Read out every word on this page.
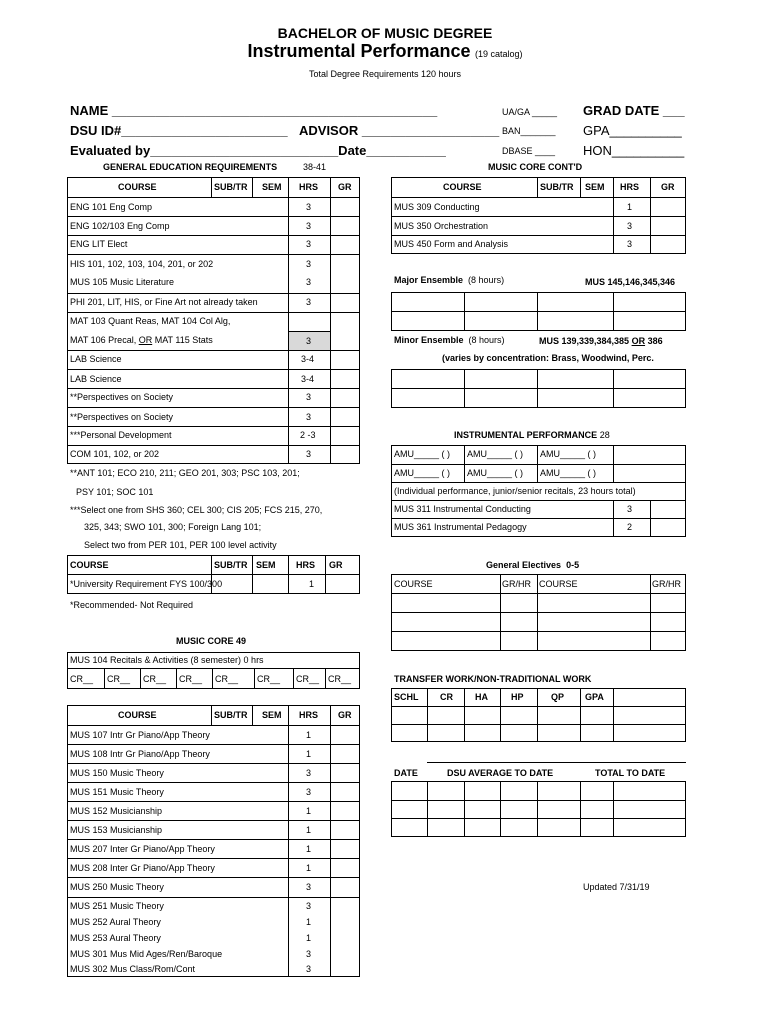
BACHELOR OF MUSIC DEGREE
Instrumental Performance (19 catalog)
Total Degree Requirements 120 hours
NAME _____________________________________________
DSU ID#_______________________ ADVISOR ___________________
Evaluated by__________________________Date___________
UA/GA _____
BAN_______
DBASE ____
GRAD DATE ___
GPA__________
HON__________
GENERAL EDUCATION REQUIREMENTS	38-41
COURSE	SUB/TR SEM HRS GR
ENG 101 Eng Comp	3
ENG 102/103 Eng Comp	3
ENG LIT Elect	3
HIS 101, 102, 103, 104, 201, or 202	3
MUS 105 Music Literature	3
PHI 201, LIT, HIS, or Fine Art not already taken	3
MAT 103 Quant Reas, MAT 104 Col Alg,
MAT 106 Precal, OR MAT 115 Stats	3
LAB Science	3-4
LAB Science	3-4
**Perspectives on Society	3
**Perspectives on Society	3
***Personal Development	2 -3
COM 101, 102, or 202	3
**ANT 101; ECO 210, 211; GEO 201, 303; PSC 103, 201;
PSY 101; SOC 101
***Select one from SHS 360; CEL 300; CIS 205; FCS 215, 270,
325, 343; SWO 101, 300; Foreign Lang 101;
Select two from PER 101, PER 100 level activity
COURSE	SUB/TR SEM HRS GR
*University Requirement FYS 100/300	1
*Recommended- Not Required
MUSIC CORE 49
MUS 104 Recitals & Activities (8 semester) 0 hrs
CR__ CR__ CR__ CR__ CR__ CR__ CR__ CR__
COURSE	SUB/TR SEM HRS GR
MUS 107 Intr Gr Piano/App Theory	1
MUS 108 Intr Gr Piano/App Theory	1
MUS 150 Music Theory	3
MUS 151 Music Theory	3
MUS 152 Musicianship	1
MUS 153 Musicianship	1
MUS 207 Inter Gr Piano/App Theory	1
MUS 208 Inter Gr Piano/App Theory	1
MUS 250 Music Theory	3
MUS 251 Music Theory	3
MUS 252 Aural Theory	1
MUS 253 Aural Theory	1
MUS 301 Mus Mid Ages/Ren/Baroque	3
MUS 302 Mus Class/Rom/Cont	3
MUSIC CORE CONT'D
COURSE	SUB/TR SEM HRS GR
MUS 309 Conducting	1
MUS 350 Orchestration	3
MUS 450 Form and Analysis	3
Major Ensemble (8 hours)	MUS 145,146,345,346
Minor Ensemble (8 hours)	MUS 139,339,384,385 OR 386
(varies by concentration: Brass, Woodwind, Perc.
INSTRUMENTAL PERFORMANCE 28
AMU_____ ( ) AMU_____ ( ) AMU_____ ( )
AMU_____ ( ) AMU_____ ( ) AMU_____ ( )
(Individual performance, junior/senior recitals, 23 hours total)
MUS 311 Instrumental Conducting	3
MUS 361 Instrumental Pedagogy	2
General Electives 0-5
COURSE	GR/HR COURSE	GR/HR
TRANSFER WORK/NON-TRADITIONAL WORK
SCHL CR HA	HP	QP GPA
DATE	DSU AVERAGE TO DATE	TOTAL TO DATE
Updated 7/31/19
